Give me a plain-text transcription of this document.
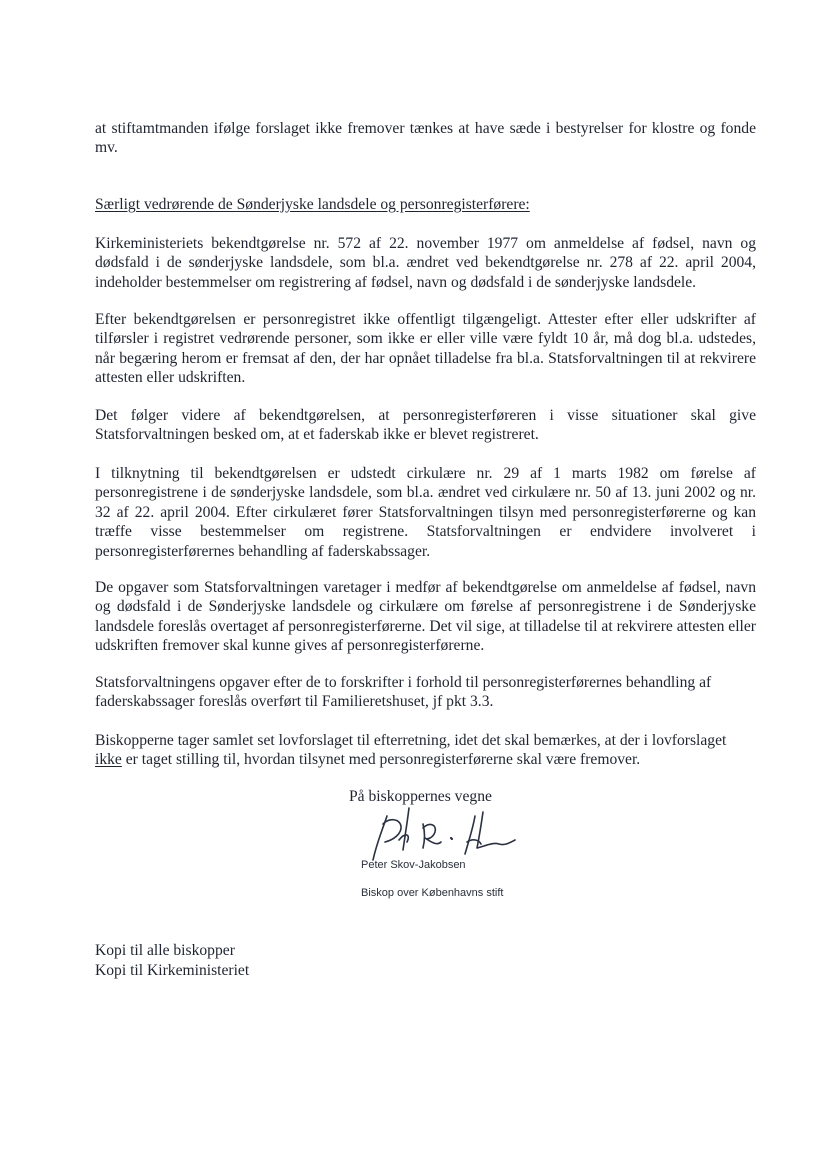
at stiftamtmanden ifølge forslaget ikke fremover tænkes at have sæde i bestyrelser for klostre og fonde mv.

Særligt vedrørende de Sønderjyske landsdele og personregisterførere:

Kirkeministeriets bekendtgørelse nr. 572 af 22. november 1977 om anmeldelse af fødsel, navn og dødsfald i de sønderjyske landsdele, som bl.a. ændret ved bekendtgørelse nr. 278 af 22. april 2004, indeholder bestemmelser om registrering af fødsel, navn og dødsfald i de sønderjyske landsdele.

Efter bekendtgørelsen er personregistret ikke offentligt tilgængeligt. Attester efter eller udskrifter af tilførsler i registret vedrørende personer, som ikke er eller ville være fyldt 10 år, må dog bl.a. udstedes, når begæring herom er fremsat af den, der har opnået tilladelse fra bl.a. Statsforvaltningen til at rekvirere attesten eller udskriften.

Det følger videre af bekendtgørelsen, at personregisterføreren i visse situationer skal give Statsforvaltningen besked om, at et faderskab ikke er blevet registreret.

I tilknytning til bekendtgørelsen er udstedt cirkulære nr. 29 af 1 marts 1982 om førelse af personregistrene i de sønderjyske landsdele, som bl.a. ændret ved cirkulære nr. 50 af 13. juni 2002 og nr. 32 af 22. april 2004. Efter cirkulæret fører Statsforvaltningen tilsyn med personregisterførerne og kan træffe visse bestemmelser om registrene. Statsforvaltningen er endvidere involveret i personregisterførernes behandling af faderskabssager.

De opgaver som Statsforvaltningen varetager i medfør af bekendtgørelse om anmeldelse af fødsel, navn og dødsfald i de Sønderjyske landsdele og cirkulære om førelse af personregistrene i de Sønderjyske landsdele foreslås overtaget af personregisterførerne. Det vil sige, at tilladelse til at rekvirere attesten eller udskriften fremover skal kunne gives af personregisterførerne.

Statsforvaltningens opgaver efter de to forskrifter i forhold til personregisterførernes behandling af faderskabssager foreslås overført til Familieretshuset, jf pkt 3.3.

Biskopperne tager samlet set lovforslaget til efterretning, idet det skal bemærkes, at der i lovforslaget ikke er taget stilling til, hvordan tilsynet med personregisterførerne skal være fremover.

På biskoppernes vegne

Peter Skov-Jakobsen

Biskop over Københavns stift

Kopi til alle biskopper
Kopi til Kirkeministeriet
